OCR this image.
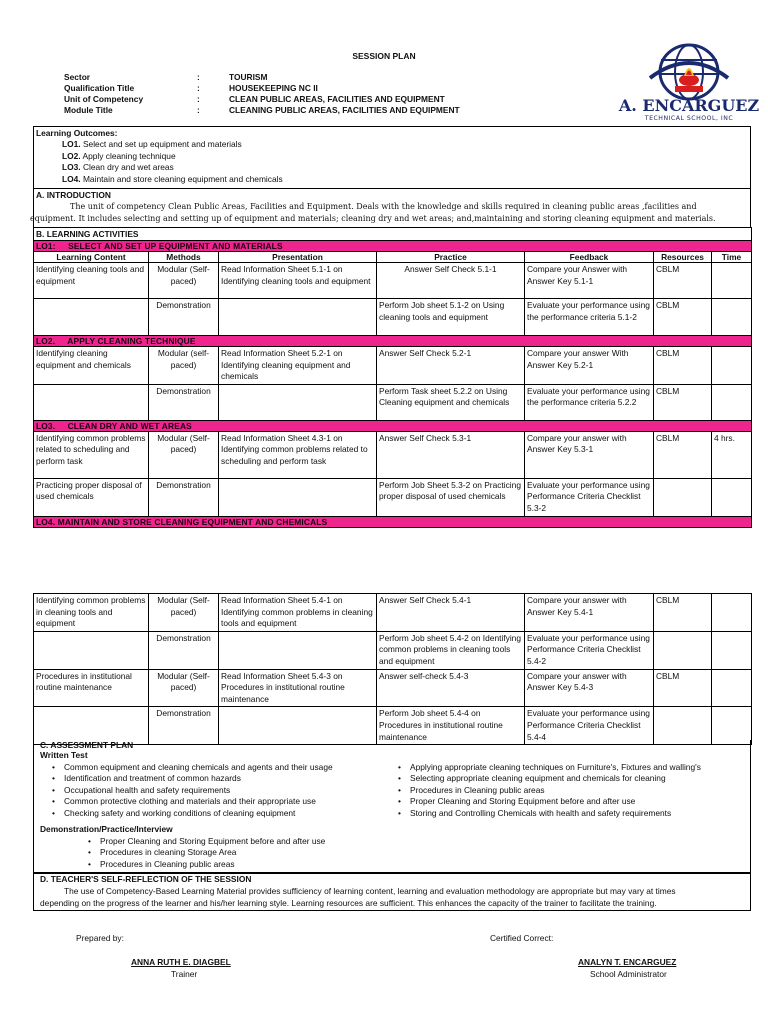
SESSION PLAN
Sector	:	TOURISM
Qualification Title	:	HOUSEKEEPING NC II
Unit of Competency	:	CLEAN PUBLIC AREAS, FACILITIES AND EQUIPMENT
Module Title	:	CLEANING PUBLIC AREAS, FACILITIES AND EQUIPMENT	A. ENCARGUEZ
TECHNICAL SCHOOL, INC
Learning Outcomes:
LO1. Select and set up equipment and materials
LO2. Apply cleaning technique
LO3. Clean dry and wet areas
LO4. Maintain and store cleaning equipment and chemicals
A. INTRODUCTION
The unit of competency Clean Public Areas, Facilities and Equipment. Deals with the knowledge and skills required in cleaning public areas ,facilities and
equipment. It includes selecting and setting up of equipment and materials; cleaning dry and wet areas; and,maintaining and storing cleaning equipment and materials.
B. LEARNING ACTIVITIES						
LO1: SELECT AND SET UP EQUIPMENT AND MATERIALS						
Learning Content	Methods	Presentation	Practice	Feedback	Resources	Time
Identifying cleaning tools and equipment	Modular (Self-paced)	Read Information Sheet 5.1-1 on Identifying cleaning tools and equipment	Answer Self Check 5.1-1	Compare your Answer with Answer Key 5.1-1	CBLM	
	Demonstration		Perform Job sheet 5.1-2 on Using cleaning tools and equipment	Evaluate your performance using the performance criteria 5.1-2	CBLM	
LO2. APPLY CLEANING TECHNIQUE						
Identifying cleaning equipment and chemicals	Modular (self-paced)	Read Information Sheet 5.2-1 on Identifying cleaning equipment and chemicals	Answer Self Check 5.2-1	Compare your answer With Answer Key 5.2-1	CBLM	
	Demonstration		Perform Task sheet 5.2.2 on Using Cleaning equipment and chemicals	Evaluate your performance using the performance criteria 5.2.2	CBLM	
LO3. CLEAN DRY AND WET AREAS						
Identifying common problems related to scheduling and perform task	Modular (Self-paced)	Read Information Sheet 4.3-1 on Identifying common problems related to scheduling and perform task	Answer Self Check 5.3-1	Compare your answer with Answer Key 5.3-1	CBLM	4 hrs.
Practicing proper disposal of used chemicals	Demonstration		Perform Job Sheet 5.3-2 on Practicing proper disposal of used chemicals	Evaluate your performance using Performance Criteria Checklist 5.3-2		
LO4. MAINTAIN AND STORE CLEANING EQUIPMENT AND CHEMICALS						
Identifying common problems in cleaning tools and equipment	Modular (Self-paced)	Read Information Sheet 5.4-1 on Identifying common problems in cleaning tools and equipment	Answer Self Check 5.4-1	Compare your answer with Answer Key 5.4-1	CBLM	
	Demonstration		Perform Job sheet 5.4-2 on Identifying common problems in cleaning tools and equipment	Evaluate your performance using Performance Criteria Checklist 5.4-2		
Procedures in institutional routine maintenance	Modular (Self-paced)	Read Information Sheet 5.4-3 on Procedures in institutional routine maintenance	Answer self-check 5.4-3	Compare your answer with Answer Key 5.4-3	CBLM	
	Demonstration		Perform Job sheet 5.4-4 on Procedures in institutional routine maintenance	Evaluate your performance using Performance Criteria Checklist 5.4-4		
C. ASSESSMENT PLAN
Written Test
• Common equipment and cleaning chemicals and agents and their usage
• Identification and treatment of common hazards
• Occupational health and safety requirements
• Common protective clothing and materials and their appropriate use
• Checking safety and working conditions of cleaning equipment
• Applying appropriate cleaning techniques on Furniture's, Fixtures and walling's
• Selecting appropriate cleaning equipment and chemicals for cleaning
• Procedures in Cleaning public areas
• Proper Cleaning and Storing Equipment before and after use
• Storing and Controlling Chemicals with health and safety requirements
Demonstration/Practice/Interview
• Proper Cleaning and Storing Equipment before and after use
• Procedures in cleaning Storage Area
• Procedures in Cleaning public areas
D. TEACHER'S SELF-REFLECTION OF THE SESSION
The use of Competency-Based Learning Material provides sufficiency of learning content, learning and evaluation methodology are appropriate but may vary at times
depending on the progress of the learner and his/her learning style. Learning resources are sufficient. This enhances the capacity of the trainer to facilitate the training.
Prepared by:	Certified Correct:
ANNA RUTH E. DIAGBEL
Trainer
ANALYN T. ENCARGUEZ
School Administrator
